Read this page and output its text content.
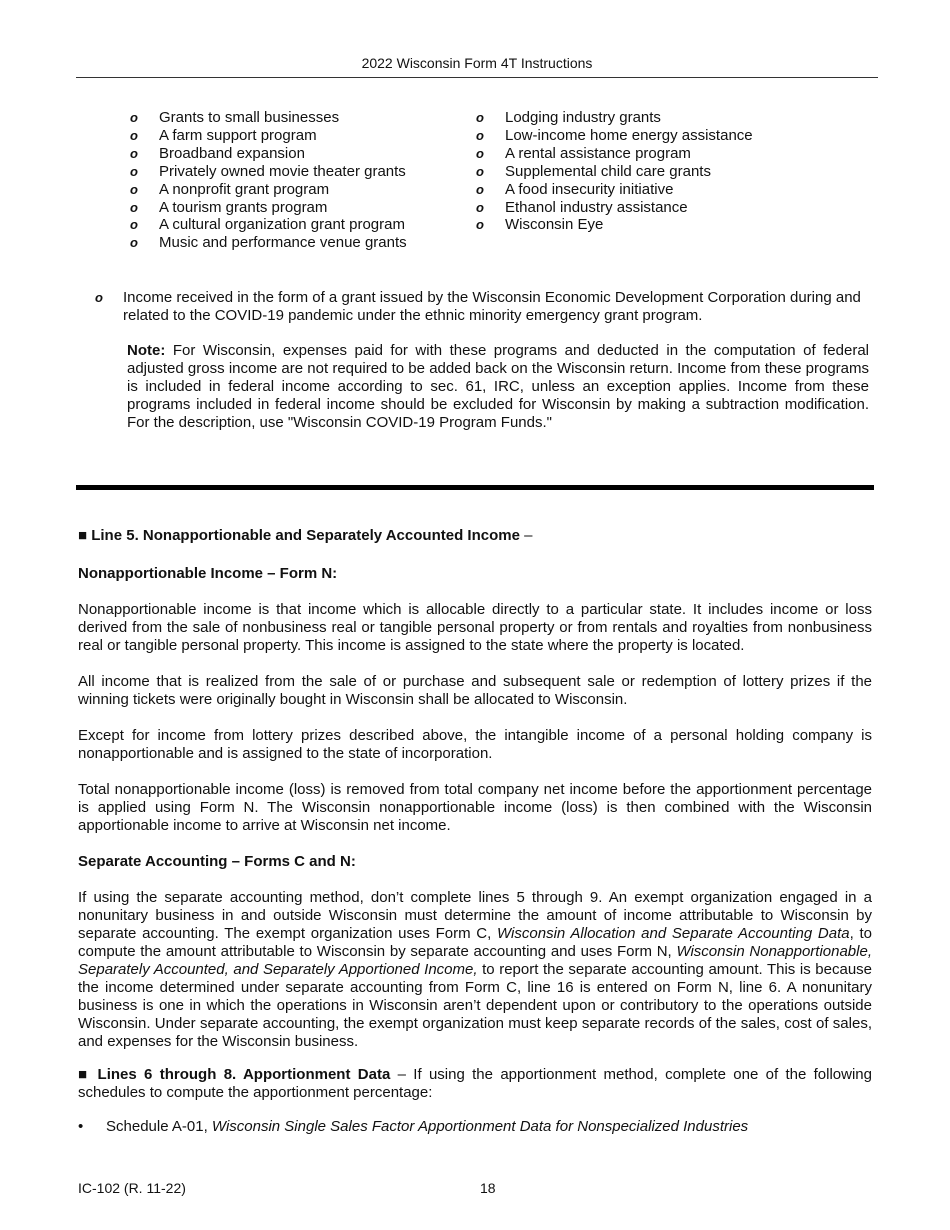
2022 Wisconsin Form 4T Instructions
o	Grants to small businesses
o	A farm support program
o	Broadband expansion
o	Privately owned movie theater grants
o	A nonprofit grant program
o	A tourism grants program
o	A cultural organization grant program
o	Music and performance venue grants
o	Lodging industry grants
o	Low-income home energy assistance
o	A rental assistance program
o	Supplemental child care grants
o	A food insecurity initiative
o	Ethanol industry assistance
o	Wisconsin Eye
o	Income received in the form of a grant issued by the Wisconsin Economic Development Corporation during and related to the COVID-19 pandemic under the ethnic minority emergency grant program.
Note: For Wisconsin, expenses paid for with these programs and deducted in the computation of federal adjusted gross income are not required to be added back on the Wisconsin return. Income from these programs is included in federal income according to sec. 61, IRC, unless an exception applies. Income from these programs included in federal income should be excluded for Wisconsin by making a subtraction modification. For the description, use "Wisconsin COVID-19 Program Funds."
■ Line 5. Nonapportionable and Separately Accounted Income –
Nonapportionable Income – Form N:
Nonapportionable income is that income which is allocable directly to a particular state. It includes income or loss derived from the sale of nonbusiness real or tangible personal property or from rentals and royalties from nonbusiness real or tangible personal property. This income is assigned to the state where the property is located.
All income that is realized from the sale of or purchase and subsequent sale or redemption of lottery prizes if the winning tickets were originally bought in Wisconsin shall be allocated to Wisconsin.
Except for income from lottery prizes described above, the intangible income of a personal holding company is nonapportionable and is assigned to the state of incorporation.
Total nonapportionable income (loss) is removed from total company net income before the apportionment percentage is applied using Form N. The Wisconsin nonapportionable income (loss) is then combined with the Wisconsin apportionable income to arrive at Wisconsin net income.
Separate Accounting – Forms C and N:
If using the separate accounting method, don’t complete lines 5 through 9. An exempt organization engaged in a nonunitary business in and outside Wisconsin must determine the amount of income attributable to Wisconsin by separate accounting. The exempt organization uses Form C, Wisconsin Allocation and Separate Accounting Data, to compute the amount attributable to Wisconsin by separate accounting and uses Form N, Wisconsin Nonapportionable, Separately Accounted, and Separately Apportioned Income, to report the separate accounting amount. This is because the income determined under separate accounting from Form C, line 16 is entered on Form N, line 6. A nonunitary business is one in which the operations in Wisconsin aren’t dependent upon or contributory to the operations outside Wisconsin. Under separate accounting, the exempt organization must keep separate records of the sales, cost of sales, and expenses for the Wisconsin business.
■ Lines 6 through 8. Apportionment Data – If using the apportionment method, complete one of the following schedules to compute the apportionment percentage:
•	Schedule A-01, Wisconsin Single Sales Factor Apportionment Data for Nonspecialized Industries
IC-102 (R. 11-22)	18
